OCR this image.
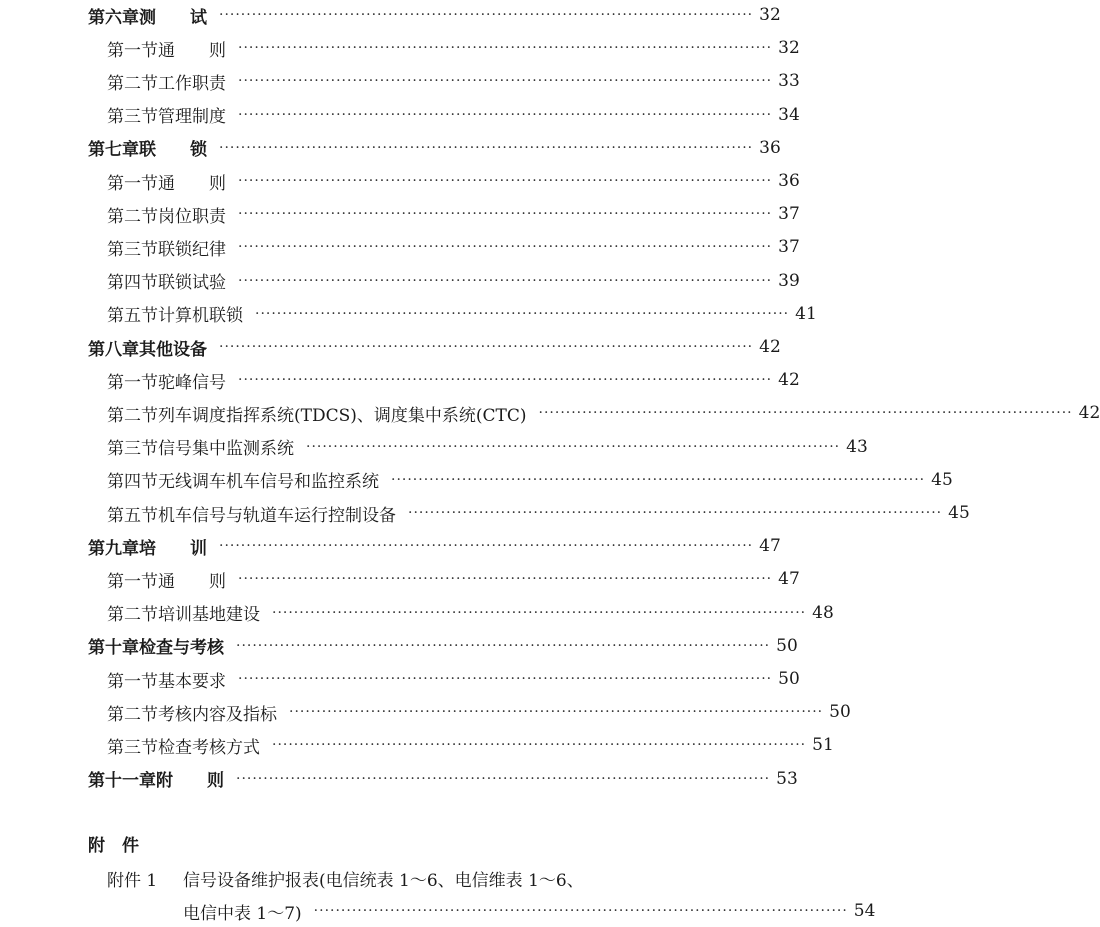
第六章 测　　试 ·································································································· 32
第一节 通　　则 ·································································································· 32
第二节 工作职责 ·································································································· 33
第三节 管理制度 ·································································································· 34
第七章 联　　锁 ·································································································· 36
第一节 通　　则 ·································································································· 36
第二节 岗位职责 ·································································································· 37
第三节 联锁纪律 ·································································································· 37
第四节 联锁试验 ·································································································· 39
第五节 计算机联锁 ·································································································· 41
第八章 其他设备 ·································································································· 42
第一节 驼峰信号 ·································································································· 42
第二节 列车调度指挥系统(TDCS)、调度集中系统(CTC) ·································································································· 42
第三节 信号集中监测系统 ·································································································· 43
第四节 无线调车机车信号和监控系统 ·································································································· 45
第五节 机车信号与轨道车运行控制设备 ·································································································· 45
第九章 培　　训 ·································································································· 47
第一节 通　　则 ·································································································· 47
第二节 培训基地建设 ·································································································· 48
第十章 检查与考核 ·································································································· 50
第一节 基本要求 ·································································································· 50
第二节 考核内容及指标 ·································································································· 50
第三节 检查考核方式 ·································································································· 51
第十一章 附　　则 ·································································································· 53
附　件
附件 1 信号设备维护报表(电信统表 1～6、电信维表 1～6、
电信中表 1～7) ·································································································· 54
